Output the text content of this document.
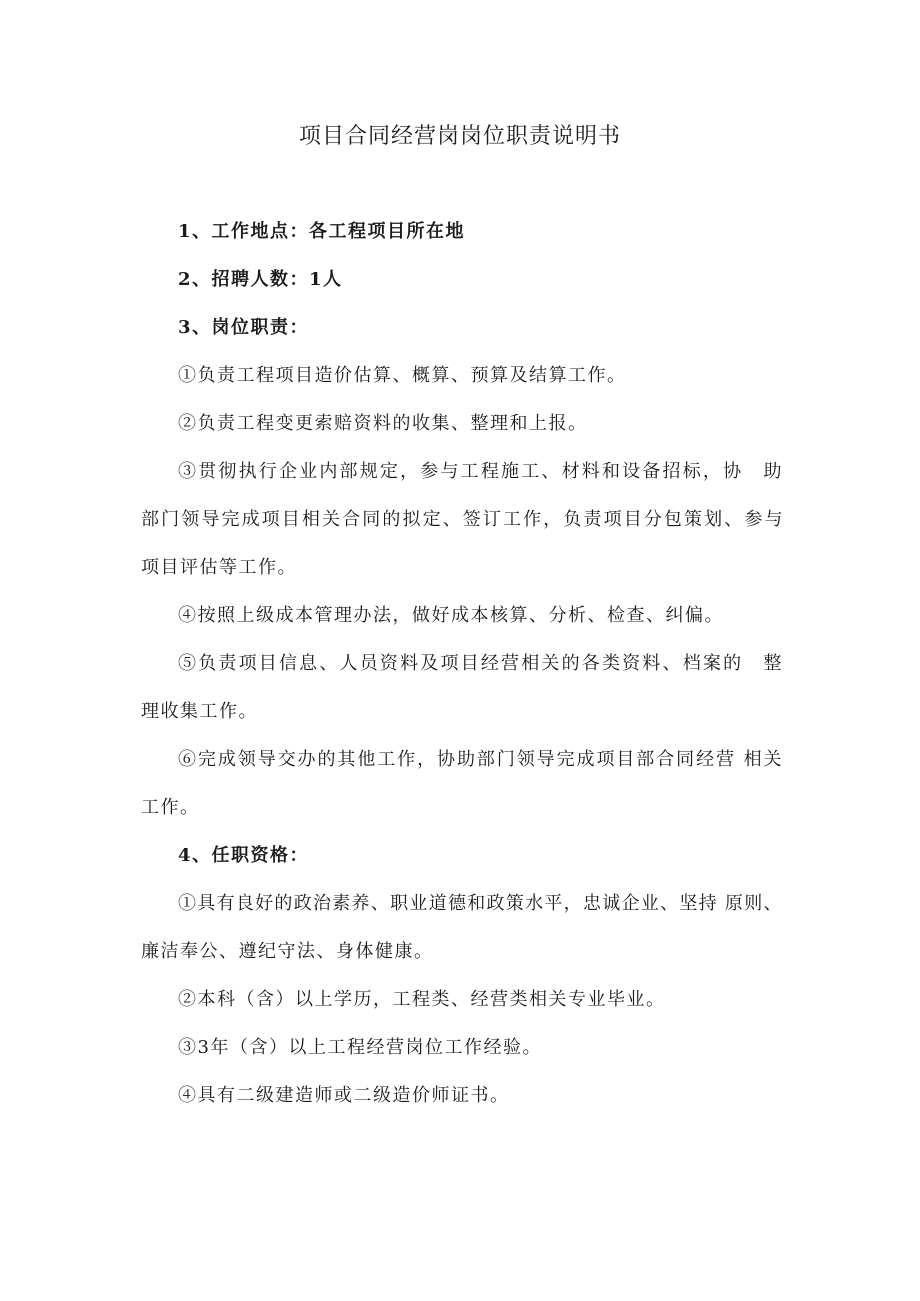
项目合同经营岗岗位职责说明书
1、工作地点：各工程项目所在地
2、招聘人数：1人
3、岗位职责：
①负责工程项目造价估算、概算、预算及结算工作。
②负责工程变更索赔资料的收集、整理和上报。
③贯彻执行企业内部规定，参与工程施工、材料和设备招标，协　助
部门领导完成项目相关合同的拟定、签订工作，负责项目分包策划、参与
项目评估等工作。
④按照上级成本管理办法，做好成本核算、分析、检查、纠偏。
⑤负责项目信息、人员资料及项目经营相关的各类资料、档案的　整
理收集工作。
⑥完成领导交办的其他工作，协助部门领导完成项目部合同经营 相关
工作。
4、任职资格：
①具有良好的政治素养、职业道德和政策水平，忠诚企业、坚持 原则、
廉洁奉公、遵纪守法、身体健康。
②本科（含）以上学历，工程类、经营类相关专业毕业。
③3年（含）以上工程经营岗位工作经验。
④具有二级建造师或二级造价师证书。
